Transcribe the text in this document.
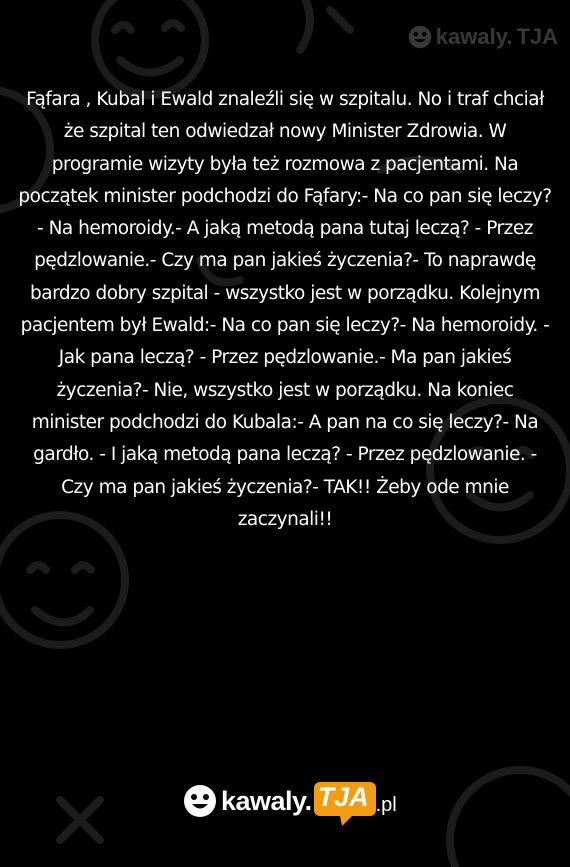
kawaly. TJA
Fąfara , Kubal i Ewald znaleźli się w szpitalu. No i traf chciał że szpital ten odwiedzał nowy Minister Zdrowia. W programie wizyty była też rozmowa z pacjentami. Na początek minister podchodzi do Fąfary:- Na co pan się leczy?- Na hemoroidy.- A jaką metodą pana tutaj leczą? - Przez pędzlowanie.- Czy ma pan jakieś życzenia?- To naprawdę bardzo dobry szpital - wszystko jest w porządku. Kolejnym pacjentem był Ewald:- Na co pan się leczy?- Na hemoroidy. - Jak pana leczą? - Przez pędzlowanie.- Ma pan jakieś życzenia?- Nie, wszystko jest w porządku. Na koniec minister podchodzi do Kubala:- A pan na co się leczy?- Na gardło. - I jaką metodą pana leczą? - Przez pędzlowanie. - Czy ma pan jakieś życzenia?- TAK!! Żeby ode mnie zaczynali!!
kawaly. TJA .pl
